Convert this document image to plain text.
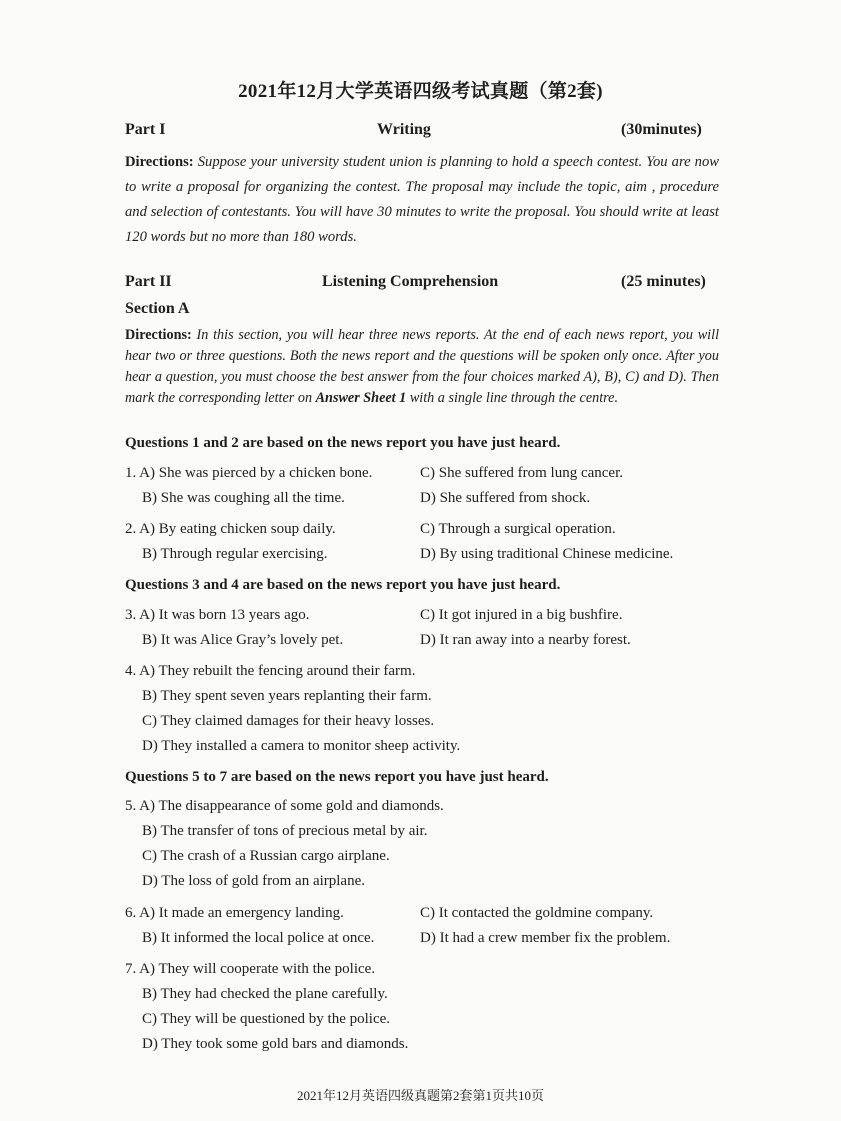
2021年12月大学英语四级考试真题（第2套)
Part I	Writing	(30minutes)
Directions: Suppose your university student union is planning to hold a speech contest. You are now to write a proposal for organizing the contest. The proposal may include the topic, aim , procedure and selection of contestants. You will have 30 minutes to write the proposal. You should write at least 120 words but no more than 180 words.
Part II	Listening Comprehension	(25 minutes)
Section A
Directions: In this section, you will hear three news reports. At the end of each news report, you will hear two or three questions. Both the news report and the questions will be spoken only once. After you hear a question, you must choose the best answer from the four choices marked A), B), C) and D). Then mark the corresponding letter on Answer Sheet 1 with a single line through the centre.
Questions 1 and 2 are based on the news report you have just heard.
1. A) She was pierced by a chicken bone.	C) She suffered from lung cancer.
B) She was coughing all the time.	D) She suffered from shock.
2. A) By eating chicken soup daily.	C) Through a surgical operation.
B) Through regular exercising.	D) By using traditional Chinese medicine.
Questions 3 and 4 are based on the news report you have just heard.
3. A) It was born 13 years ago.	C) It got injured in a big bushfire.
B) It was Alice Gray’s lovely pet.	D) It ran away into a nearby forest.
4. A) They rebuilt the fencing around their farm.
B) They spent seven years replanting their farm.
C) They claimed damages for their heavy losses.
D) They installed a camera to monitor sheep activity.
Questions 5 to 7 are based on the news report you have just heard.
5. A) The disappearance of some gold and diamonds.
B) The transfer of tons of precious metal by air.
C) The crash of a Russian cargo airplane.
D) The loss of gold from an airplane.
6. A) It made an emergency landing.	C) It contacted the goldmine company.
B) It informed the local police at once.	D) It had a crew member fix the problem.
7. A) They will cooperate with the police.
B) They had checked the plane carefully.
C) They will be questioned by the police.
D) They took some gold bars and diamonds.
2021年12月英语四级真题第2套第1页共10页
